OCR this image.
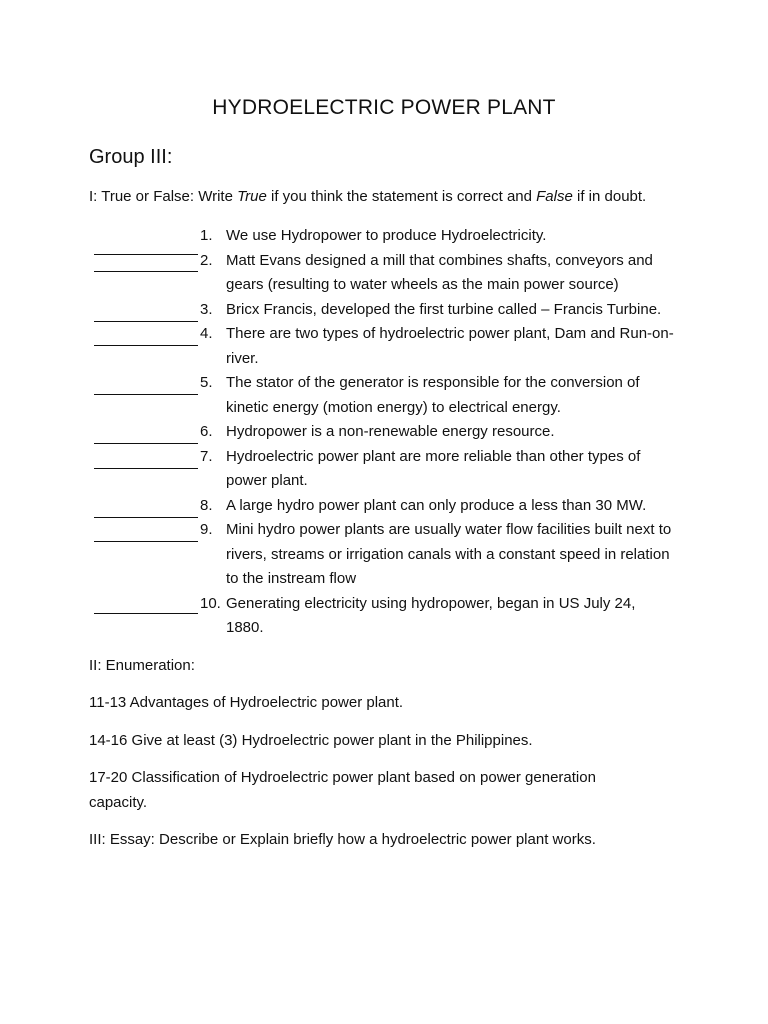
HYDROELECTRIC POWER PLANT
Group III:
I: True or False: Write True if you think the statement is correct and False if in doubt.
1. We use Hydropower to produce Hydroelectricity.
2. Matt Evans designed a mill that combines shafts, conveyors and gears (resulting to water wheels as the main power source)
3. Bricx Francis, developed the first turbine called – Francis Turbine.
4. There are two types of hydroelectric power plant, Dam and Run-on-river.
5. The stator of the generator is responsible for the conversion of kinetic energy (motion energy) to electrical energy.
6. Hydropower is a non-renewable energy resource.
7. Hydroelectric power plant are more reliable than other types of power plant.
8. A large hydro power plant can only produce a less than 30 MW.
9. Mini hydro power plants are usually water flow facilities built next to rivers, streams or irrigation canals with a constant speed in relation to the instream flow
10. Generating electricity using hydropower, began in US July 24, 1880.
II: Enumeration:
11-13 Advantages of Hydroelectric power plant.
14-16 Give at least (3) Hydroelectric power plant in the Philippines.
17-20 Classification of Hydroelectric power plant based on power generation capacity.
III: Essay: Describe or Explain briefly how a hydroelectric power plant works.
